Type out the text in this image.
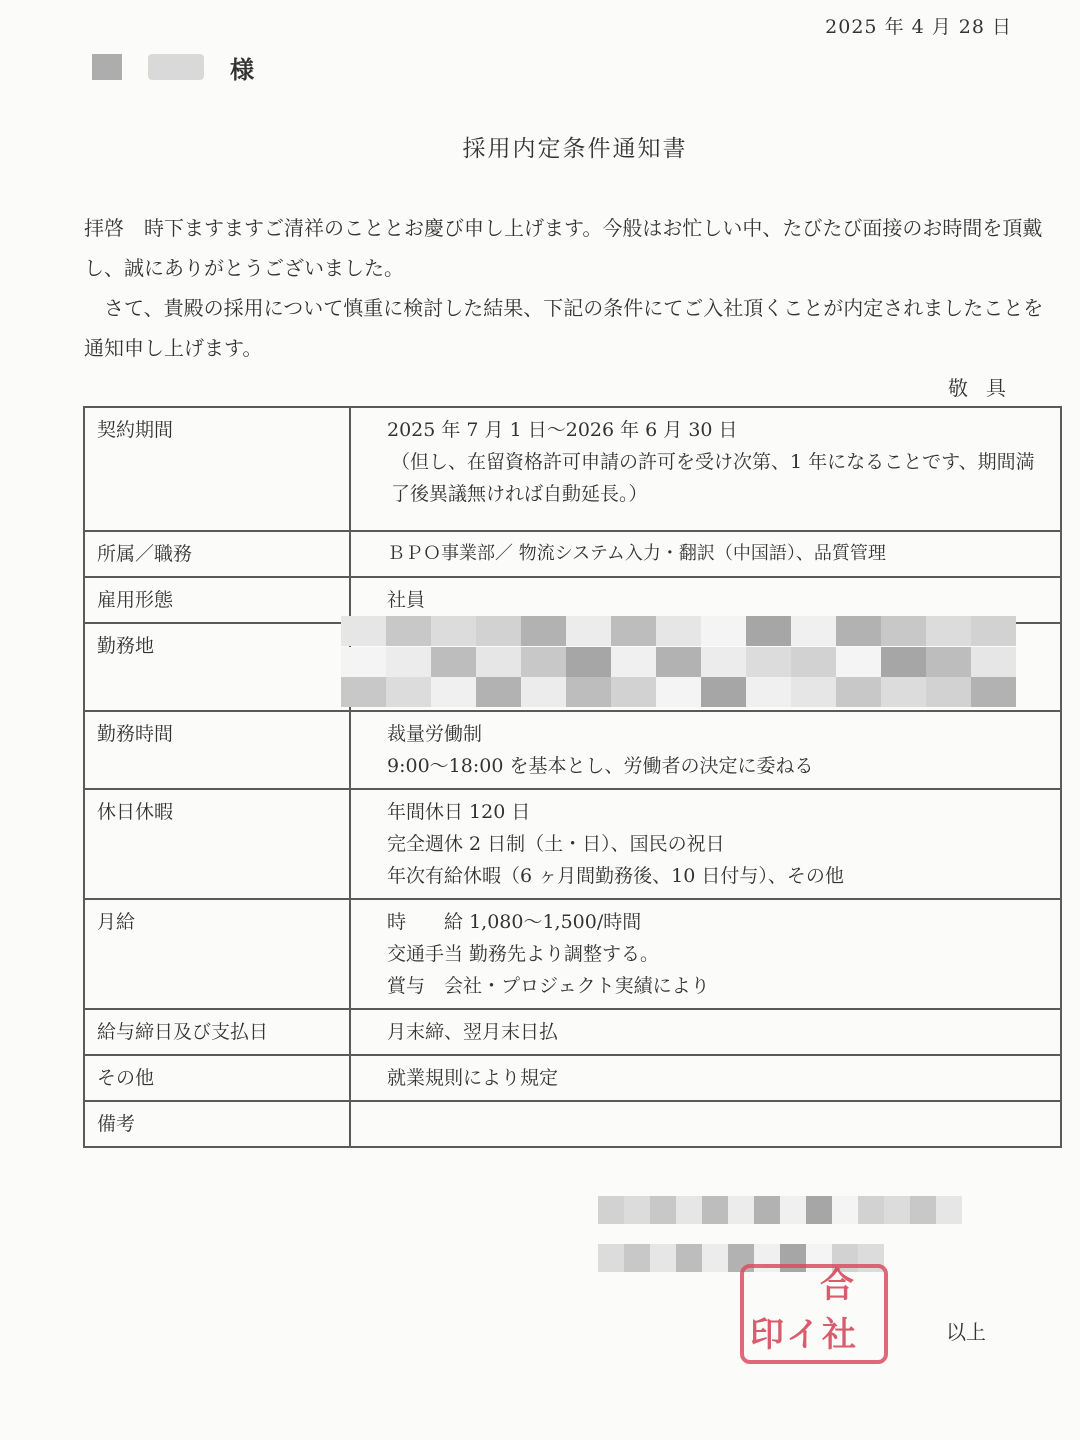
2025 年 4 月 28 日
様
採用内定条件通知書

拝啓　時下ますますご清祥のこととお慶び申し上げます。今般はお忙しい中、たびたび面接のお時間を頂戴し、誠にありがとうございました。

さて、貴殿の採用について慎重に検討した結果、下記の条件にてご入社頂くことが内定されましたことを通知申し上げます。

敬具
契約期間	2025 年 7 月 1 日～2026 年 6 月 30 日
（但し、在留資格許可申請の許可を受け次第、1 年になることです、期間満了後異議無ければ自動延長。）

所属／職務	ＢＰＯ事業部／ 物流システム入力・翻訳（中国語）、品質管理
雇用形態	社員
勤務地	

勤務時間	裁量労働制
9:00～18:00 を基本とし、労働者の決定に委ねる

休日休暇	年間休日 120 日
完全週休 2 日制（土・日）、国民の祝日
年次有給休暇（6 ヶ月間勤務後、10 日付与）、その他

月給	時　　給 1,080～1,500/時間
交通手当 勤務先より調整する。
賞与　会社・プロジェクト実績により

給与締日及び支払日	月末締、翌月末日払
その他	就業規則により規定
備考	
合
印イ社	以上
